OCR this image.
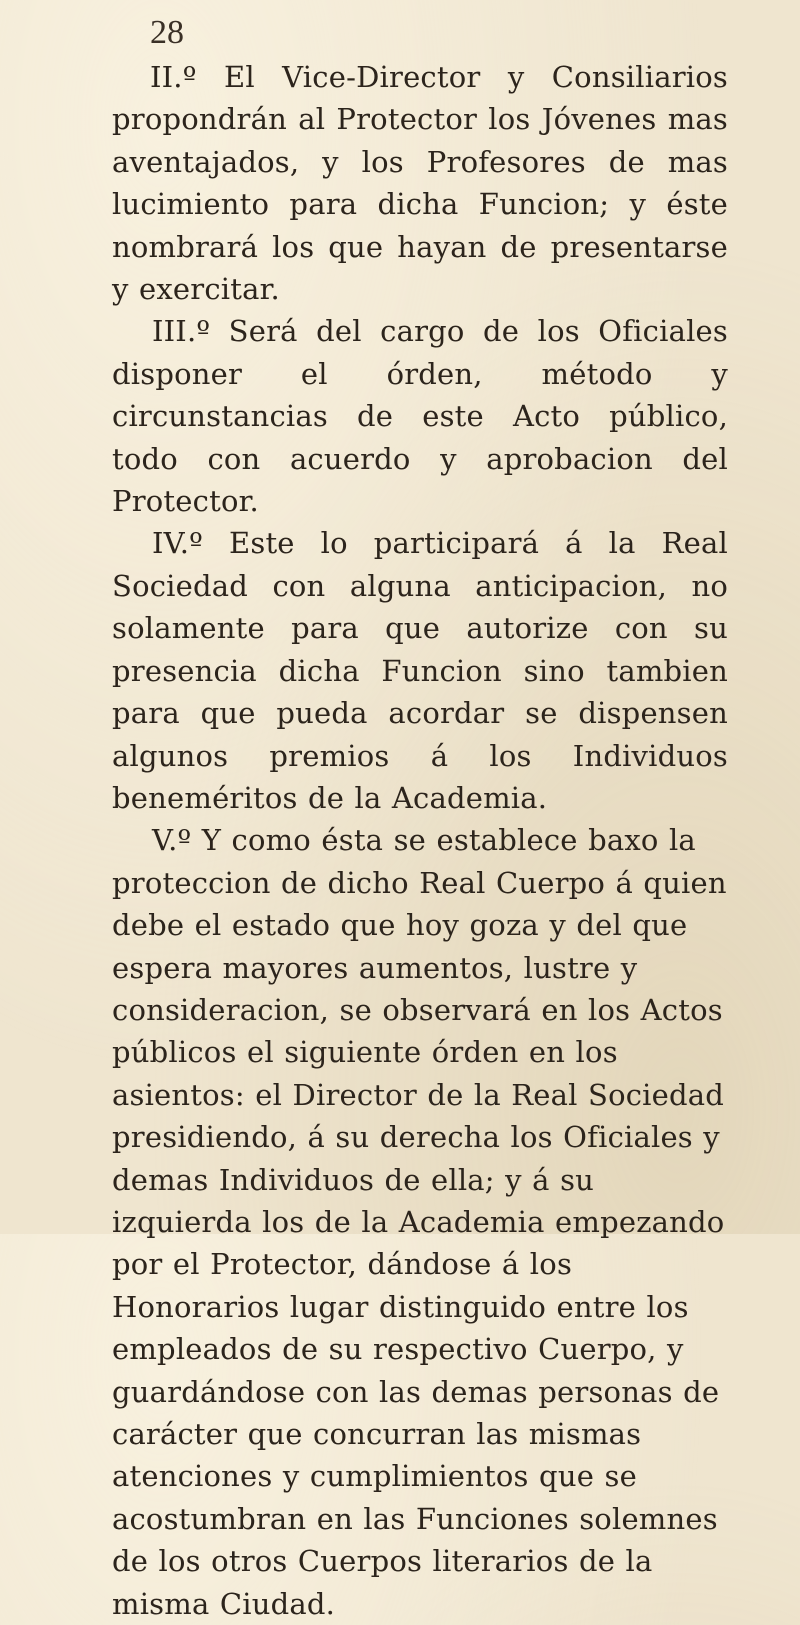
28

II.º El Vice-Director y Consiliarios propondrán al Protector los Jóvenes mas aventajados, y los Profesores de mas lucimiento para dicha Funcion; y éste nombrará los que hayan de presentarse y exercitar.

III.º Será del cargo de los Oficiales disponer el órden, método y circunstancias de este Acto público, todo con acuerdo y aprobacion del Protector.

IV.º Este lo participará á la Real Sociedad con alguna anticipacion, no solamente para que autorize con su presencia dicha Funcion sino tambien para que pueda acordar se dispensen algunos premios á los Individuos beneméritos de la Academia.

V.º Y como ésta se establece baxo la proteccion de dicho Real Cuerpo á quien debe el estado que hoy goza y del que espera mayores aumentos, lustre y consideracion, se observará en los Actos públicos el siguiente órden en los asientos: el Director de la Real Sociedad presidiendo, á su derecha los Oficiales y demas Individuos de ella; y á su izquierda los de la Academia empezando por el Protector, dándose á los Honorarios lugar distinguido entre los empleados de su respectivo Cuerpo, y guardándose con las demas personas de carácter que concurran las mismas atenciones y cumplimientos que se acostumbran en las Funciones solemnes de los otros Cuerpos literarios de la misma Ciudad.
